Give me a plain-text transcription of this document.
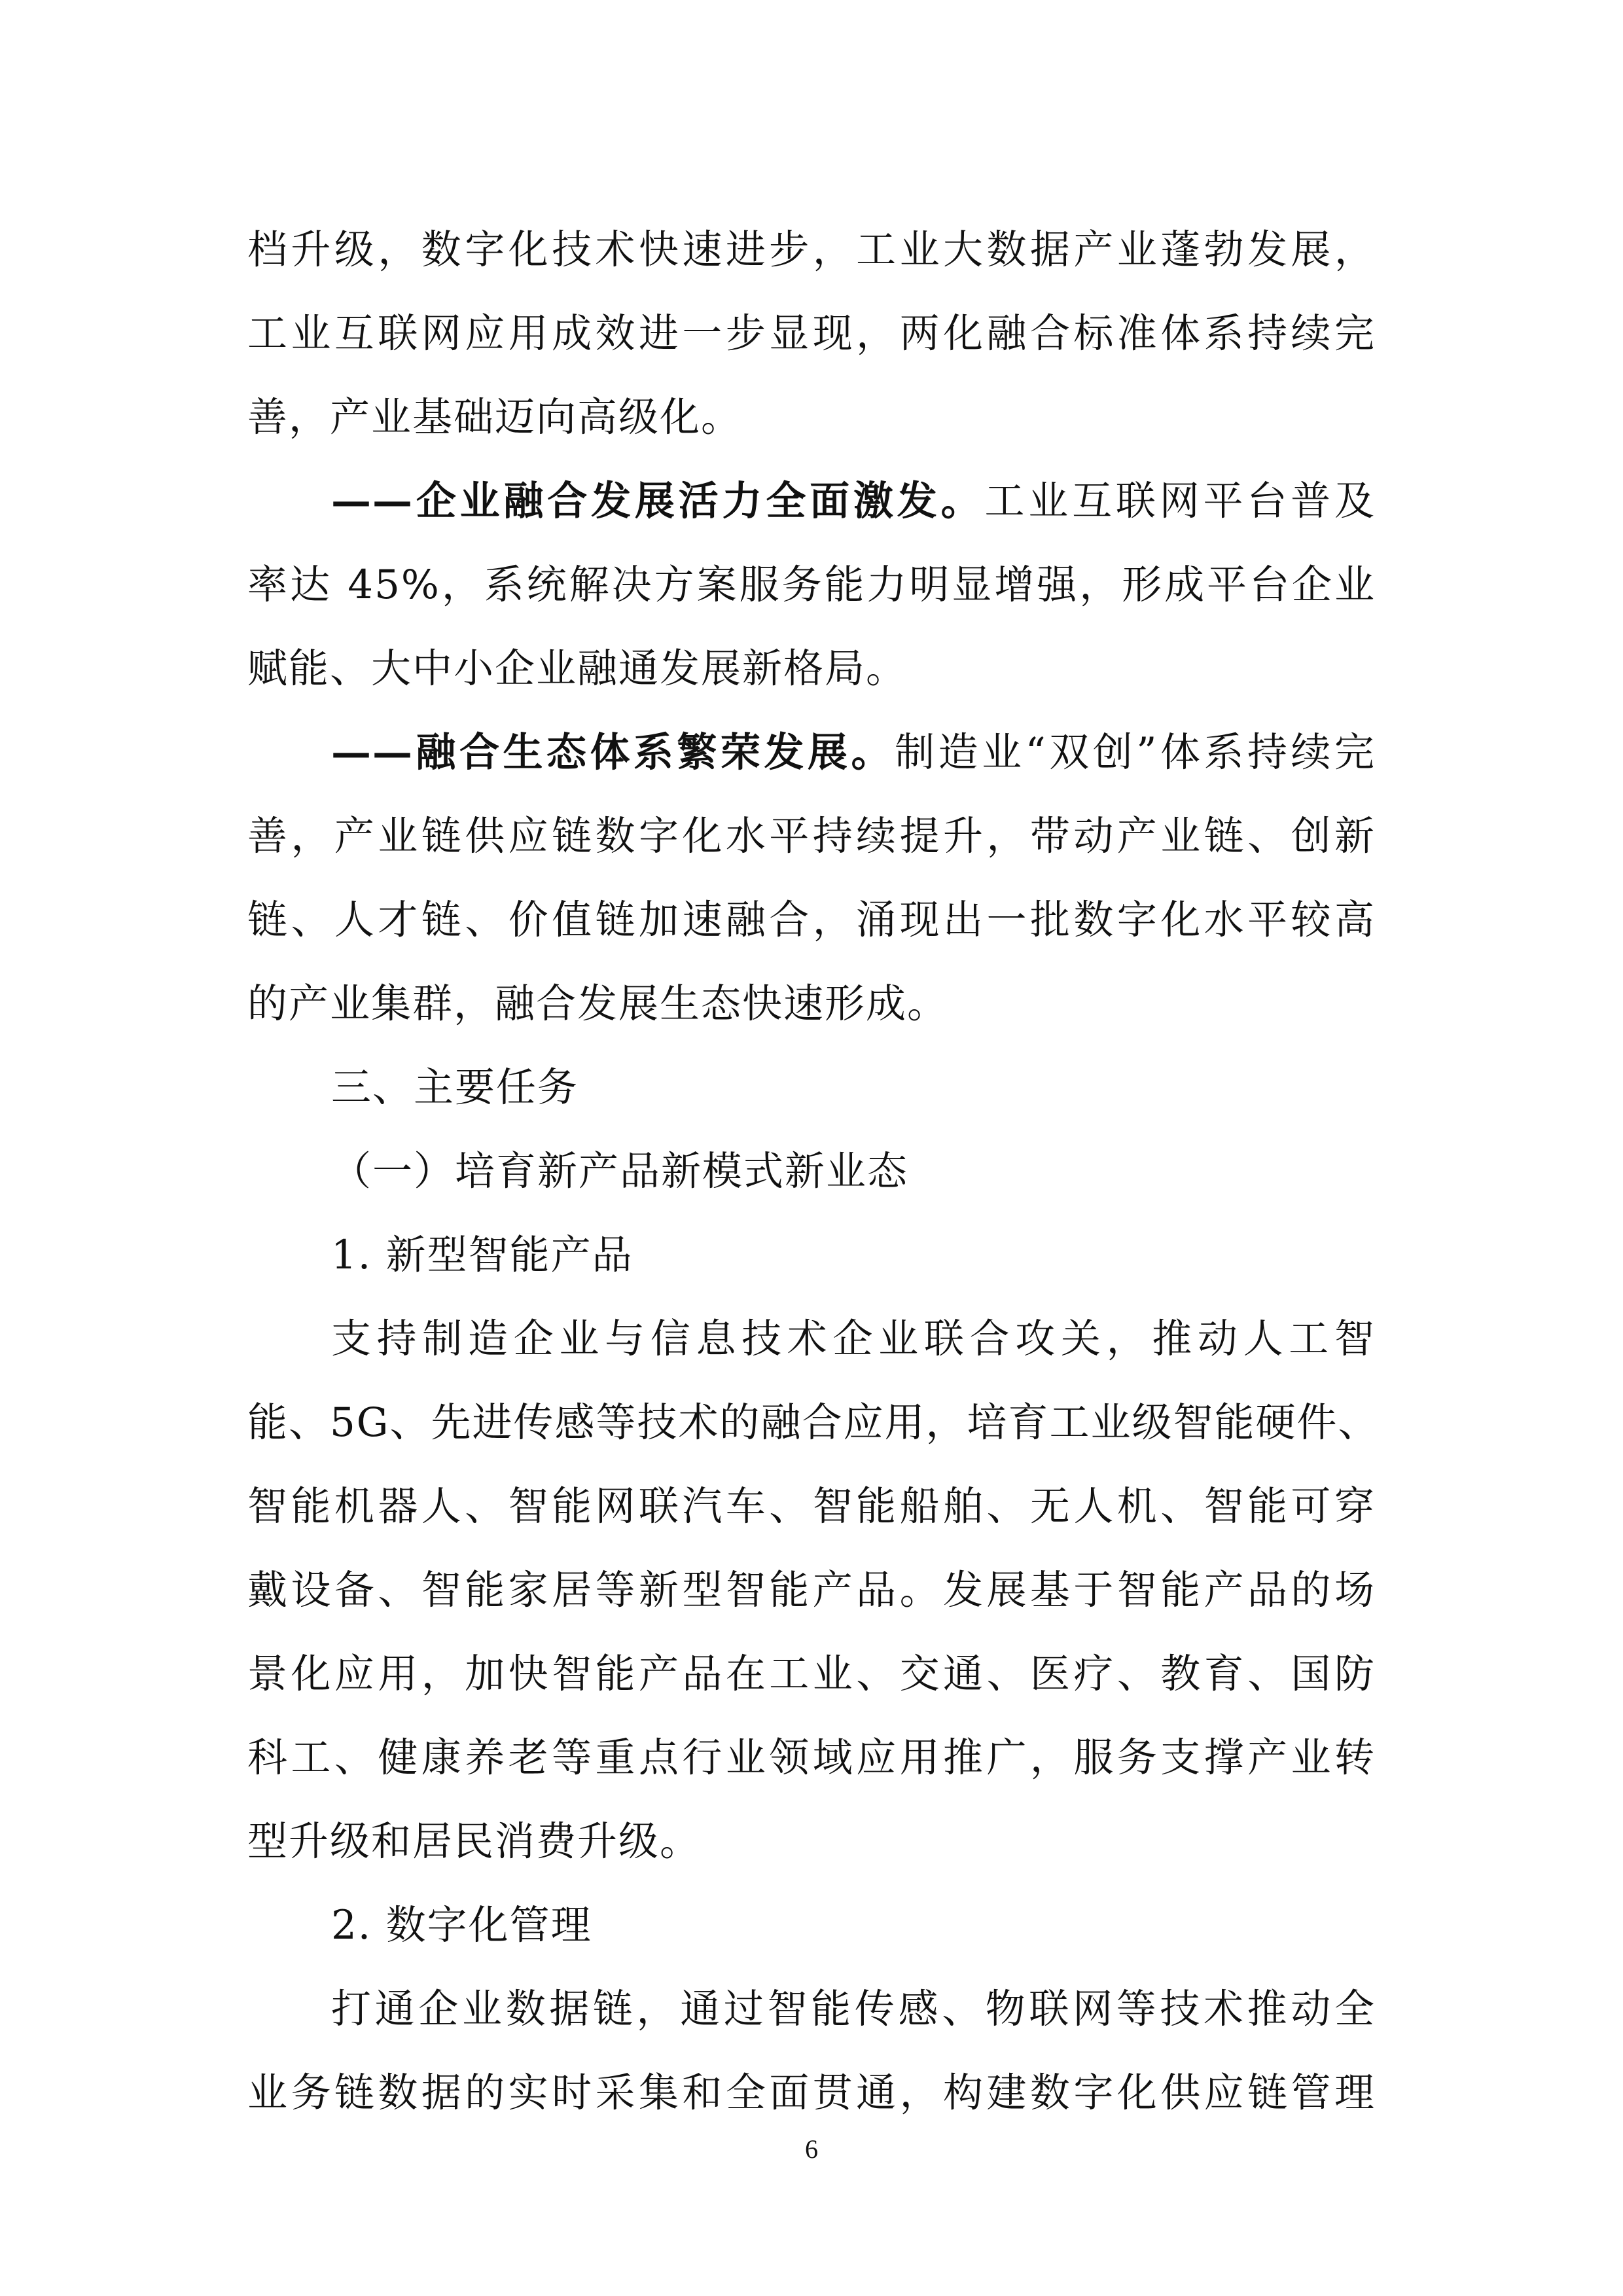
档升级，数字化技术快速进步，工业大数据产业蓬勃发展，
工业互联网应用成效进一步显现，两化融合标准体系持续完
善，产业基础迈向高级化。
——企业融合发展活力全面激发。工业互联网平台普及
率达 45%，系统解决方案服务能力明显增强，形成平台企业
赋能、大中小企业融通发展新格局。
——融合生态体系繁荣发展。制造业“双创”体系持续完
善，产业链供应链数字化水平持续提升，带动产业链、创新
链、人才链、价值链加速融合，涌现出一批数字化水平较高
的产业集群，融合发展生态快速形成。
三、主要任务
（一）培育新产品新模式新业态
1. 新型智能产品
支持制造企业与信息技术企业联合攻关，推动人工智
能、5G、先进传感等技术的融合应用，培育工业级智能硬件、
智能机器人、智能网联汽车、智能船舶、无人机、智能可穿
戴设备、智能家居等新型智能产品。发展基于智能产品的场
景化应用，加快智能产品在工业、交通、医疗、教育、国防
科工、健康养老等重点行业领域应用推广，服务支撑产业转
型升级和居民消费升级。
2. 数字化管理
打通企业数据链，通过智能传感、物联网等技术推动全
业务链数据的实时采集和全面贯通，构建数字化供应链管理
6
